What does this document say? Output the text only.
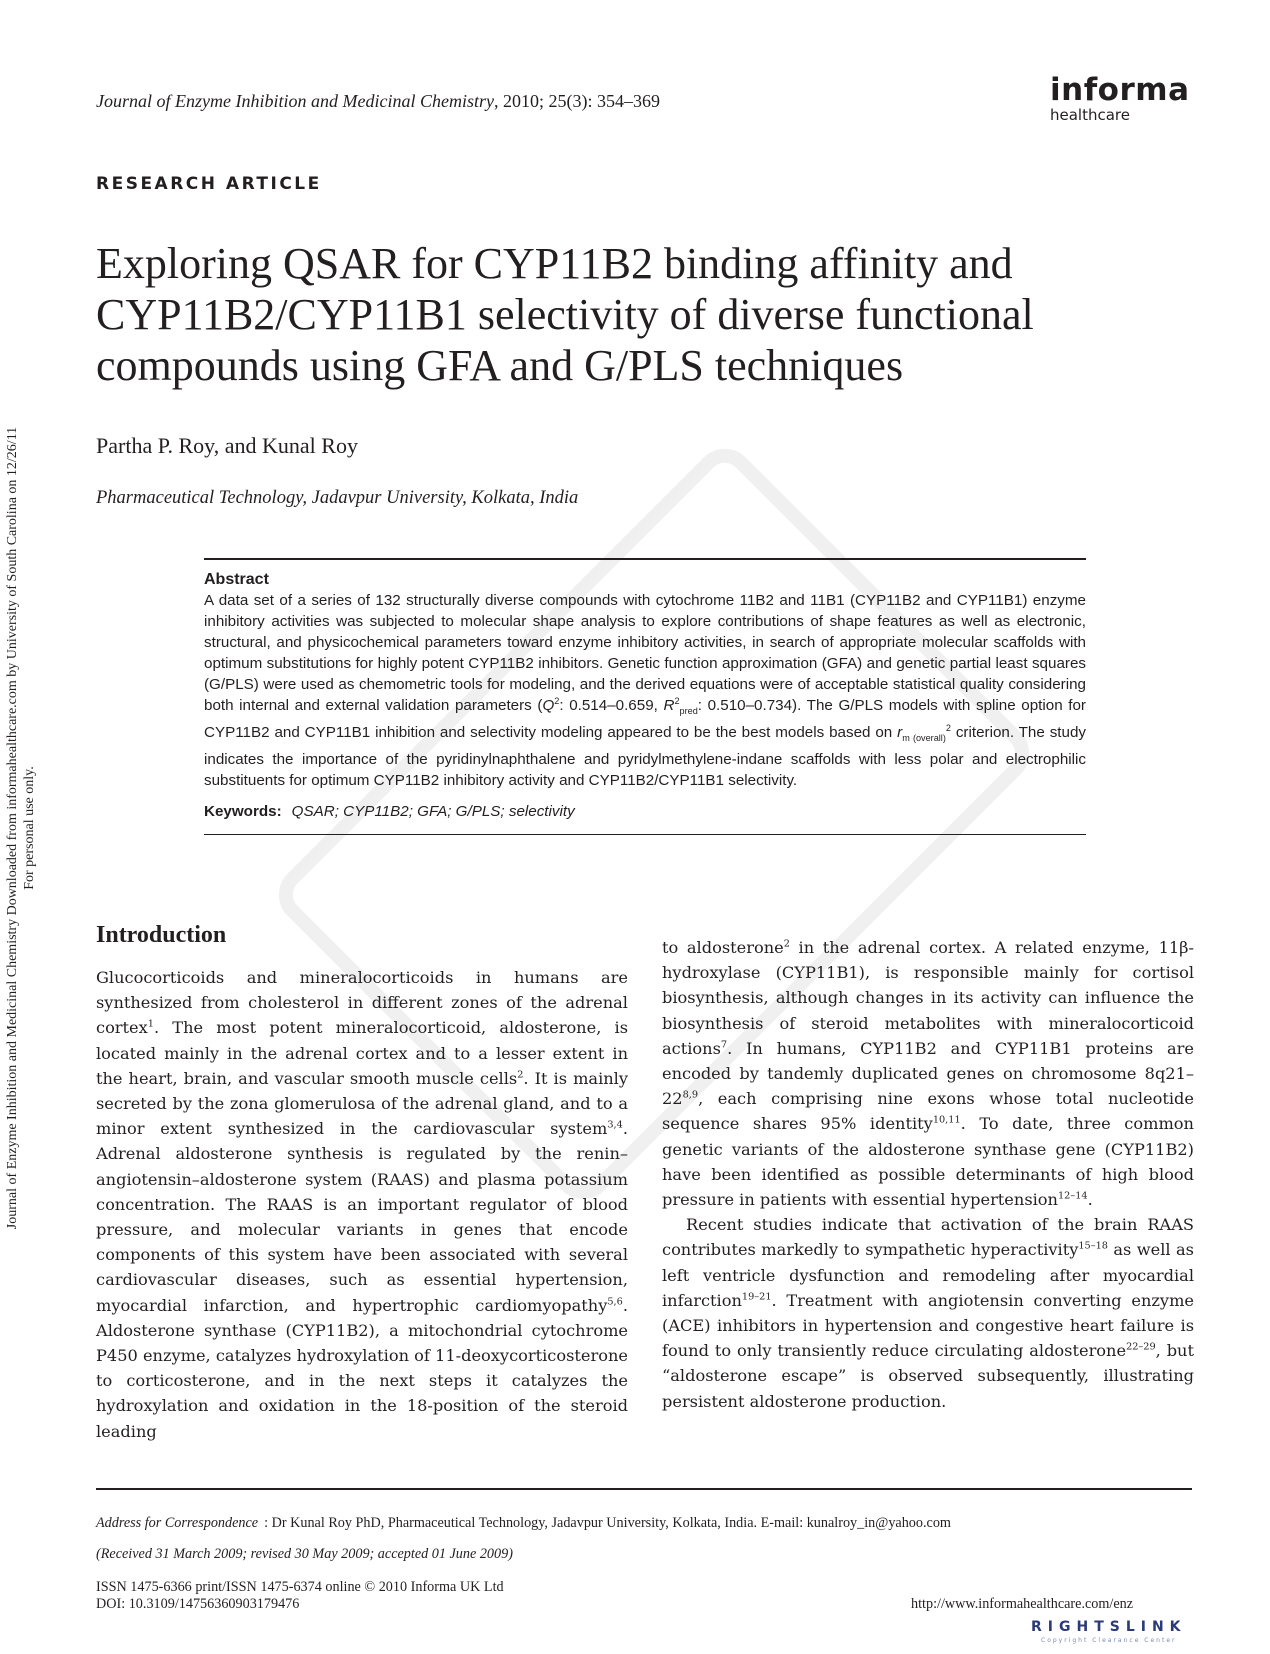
Journal of Enzyme Inhibition and Medicinal Chemistry, 2010; 25(3): 354–369	informa
healthcare
RESEARCH ARTICLE
Exploring QSAR for CYP11B2 binding affinity and CYP11B2/CYP11B1 selectivity of diverse functional compounds using GFA and G/PLS techniques
Partha P. Roy, and Kunal Roy
Pharmaceutical Technology, Jadavpur University, Kolkata, India
Abstract

A data set of a series of 132 structurally diverse compounds with cytochrome 11B2 and 11B1 (CYP11B2 and CYP11B1) enzyme inhibitory activities was subjected to molecular shape analysis to explore contributions of shape features as well as electronic, structural, and physicochemical parameters toward enzyme inhibitory activities, in search of appropriate molecular scaffolds with optimum substitutions for highly potent CYP11B2 inhibitors. Genetic function approximation (GFA) and genetic partial least squares (G/PLS) were used as chemometric tools for modeling, and the derived equations were of acceptable statistical quality considering both internal and external validation parameters ($Q^2$: 0.514–0.659, $R^2_{pred}$: 0.510–0.734). The G/PLS models with spline option for CYP11B2 and CYP11B1 inhibition and selectivity modeling appeared to be the best models based on $r_{m (overall)}^2$ criterion. The study indicates the importance of the pyridinylnaphthalene and pyridylmethylene-indane scaffolds with less polar and electrophilic substituents for optimum CYP11B2 inhibitory activity and CYP11B2/CYP11B1 selectivity.

Keywords: QSAR; CYP11B2; GFA; G/PLS; selectivity
Introduction

Glucocorticoids and mineralocorticoids in humans are synthesized from cholesterol in different zones of the adrenal cortex$^1$. The most potent mineralocorticoid, aldosterone, is located mainly in the adrenal cortex and to a lesser extent in the heart, brain, and vascular smooth muscle cells$^2$. It is mainly secreted by the zona glomerulosa of the adrenal gland, and to a minor extent synthesized in the cardiovascular system$^{3,4}$. Adrenal aldosterone synthesis is regulated by the renin–angiotensin–aldosterone system (RAAS) and plasma potassium concentration. The RAAS is an important regulator of blood pressure, and molecular variants in genes that encode components of this system have been associated with several cardiovascular diseases, such as essential hypertension, myocardial infarction, and hypertrophic cardiomyopathy$^{5,6}$. Aldosterone synthase (CYP11B2), a mitochondrial cytochrome P450 enzyme, catalyzes hydroxylation of 11-deoxycorticosterone to corticosterone, and in the next steps it catalyzes the hydroxylation and oxidation in the 18-position of the steroid leading

to aldosterone$^2$ in the adrenal cortex. A related enzyme, 11β-hydroxylase (CYP11B1), is responsible mainly for cortisol biosynthesis, although changes in its activity can influence the biosynthesis of steroid metabolites with mineralocorticoid actions$^7$. In humans, CYP11B2 and CYP11B1 proteins are encoded by tandemly duplicated genes on chromosome 8q21–22$^{8,9}$, each comprising nine exons whose total nucleotide sequence shares 95% identity$^{10,11}$. To date, three common genetic variants of the aldosterone synthase gene (CYP11B2) have been identified as possible determinants of high blood pressure in patients with essential hypertension$^{12-14}$.

Recent studies indicate that activation of the brain RAAS contributes markedly to sympathetic hyperactivity$^{15-18}$ as well as left ventricle dysfunction and remodeling after myocardial infarction$^{19-21}$. Treatment with angiotensin converting enzyme (ACE) inhibitors in hypertension and congestive heart failure is found to only transiently reduce circulating aldosterone$^{22-29}$, but “aldosterone escape” is observed subsequently, illustrating persistent aldosterone production.

Address for Correspondence : Dr Kunal Roy PhD, Pharmaceutical Technology, Jadavpur University, Kolkata, India. E-mail: kunalroy_in@yahoo.com
(Received 31 March 2009; revised 30 May 2009; accepted 01 June 2009)
ISSN 1475-6366 print/ISSN 1475-6374 online © 2010 Informa UK Ltd
DOI: 10.3109/14756360903179476	http://www.informahealthcare.com/enz
Journal of Enzyme Inhibition and Medicinal Chemistry Downloaded from informahealthcare.com by University of South Carolina on 12/26/11 For personal use only.
RIGHTSLINK
Copyright Clearance Center
